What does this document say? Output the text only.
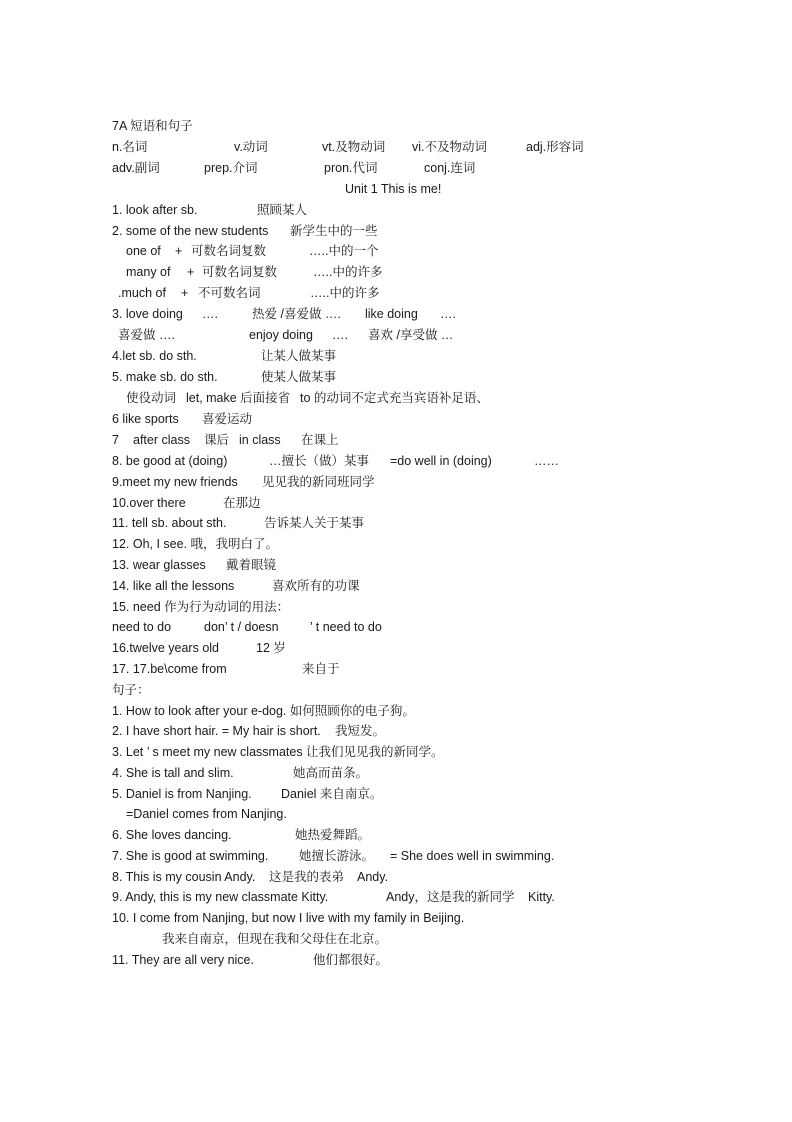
7A 短语和句子
n.名词	v.动词	vt.及物动词 vi.不及物动词	adj.形容词
adv.副词	prep.介词	pron.代词	conj.连词
Unit 1 This is me!
1. look after sb.	照顾某人
2. some of the new students 新学生中的一些
one of + 可数名词复数	…..中的一个
many of + 可数名词复数	…..中的许多
.much of + 不可数名词	…..中的许多
3. love doing ….	热爱 /喜爱做 …. like doing ….
喜爱做 ….	enjoy doing …. 喜欢 /享受做 …
4.let sb. do sth.	让某人做某事
5. make sb. do sth.	使某人做某事
使役动词 let, make 后面接省 to 的动词不定式充当宾语补足语、
6 like sports 喜爱运动
7 after class 课后 in class 在课上
8. be good at (doing)	…擅长（做）某事 =do well in (doing)	……
9.meet my new friends 见见我的新同班同学
10.over there	在那边
11. tell sb. about sth.	告诉某人关于某事
12. Oh, I see. 哦，我明白了。
13. wear glasses 戴着眼镜
14. like all the lessons	喜欢所有的功课
15. need 作为行为动词的用法：
need to do	don’ t / doesn	’ t need to do
16.twelve years old	12 岁
17. 17.be\come from	来自于
句子：
1. How to look after your e-dog. 如何照顾你的电子狗。
2. I have short hair. = My hair is short. 我短发。
3. Let ’ s meet my new classmates 让我们见见我的新同学。
4. She is tall and slim.	她高而苗条。
5. Daniel is from Nanjing. Daniel 来自南京。
=Daniel comes from Nanjing.
6. She loves dancing.	她热爱舞蹈。
7. She is good at swimming. 她擅长游泳。 = She does well in swimming.
8. This is my cousin Andy. 这是我的表弟 Andy.
9. Andy, this is my new classmate Kitty.	Andy，这是我的新同学 Kitty.
10. I come from Nanjing, but now I live with my family in Beijing.
我来自南京，但现在我和父母住在北京。
11. They are all very nice.	他们都很好。
